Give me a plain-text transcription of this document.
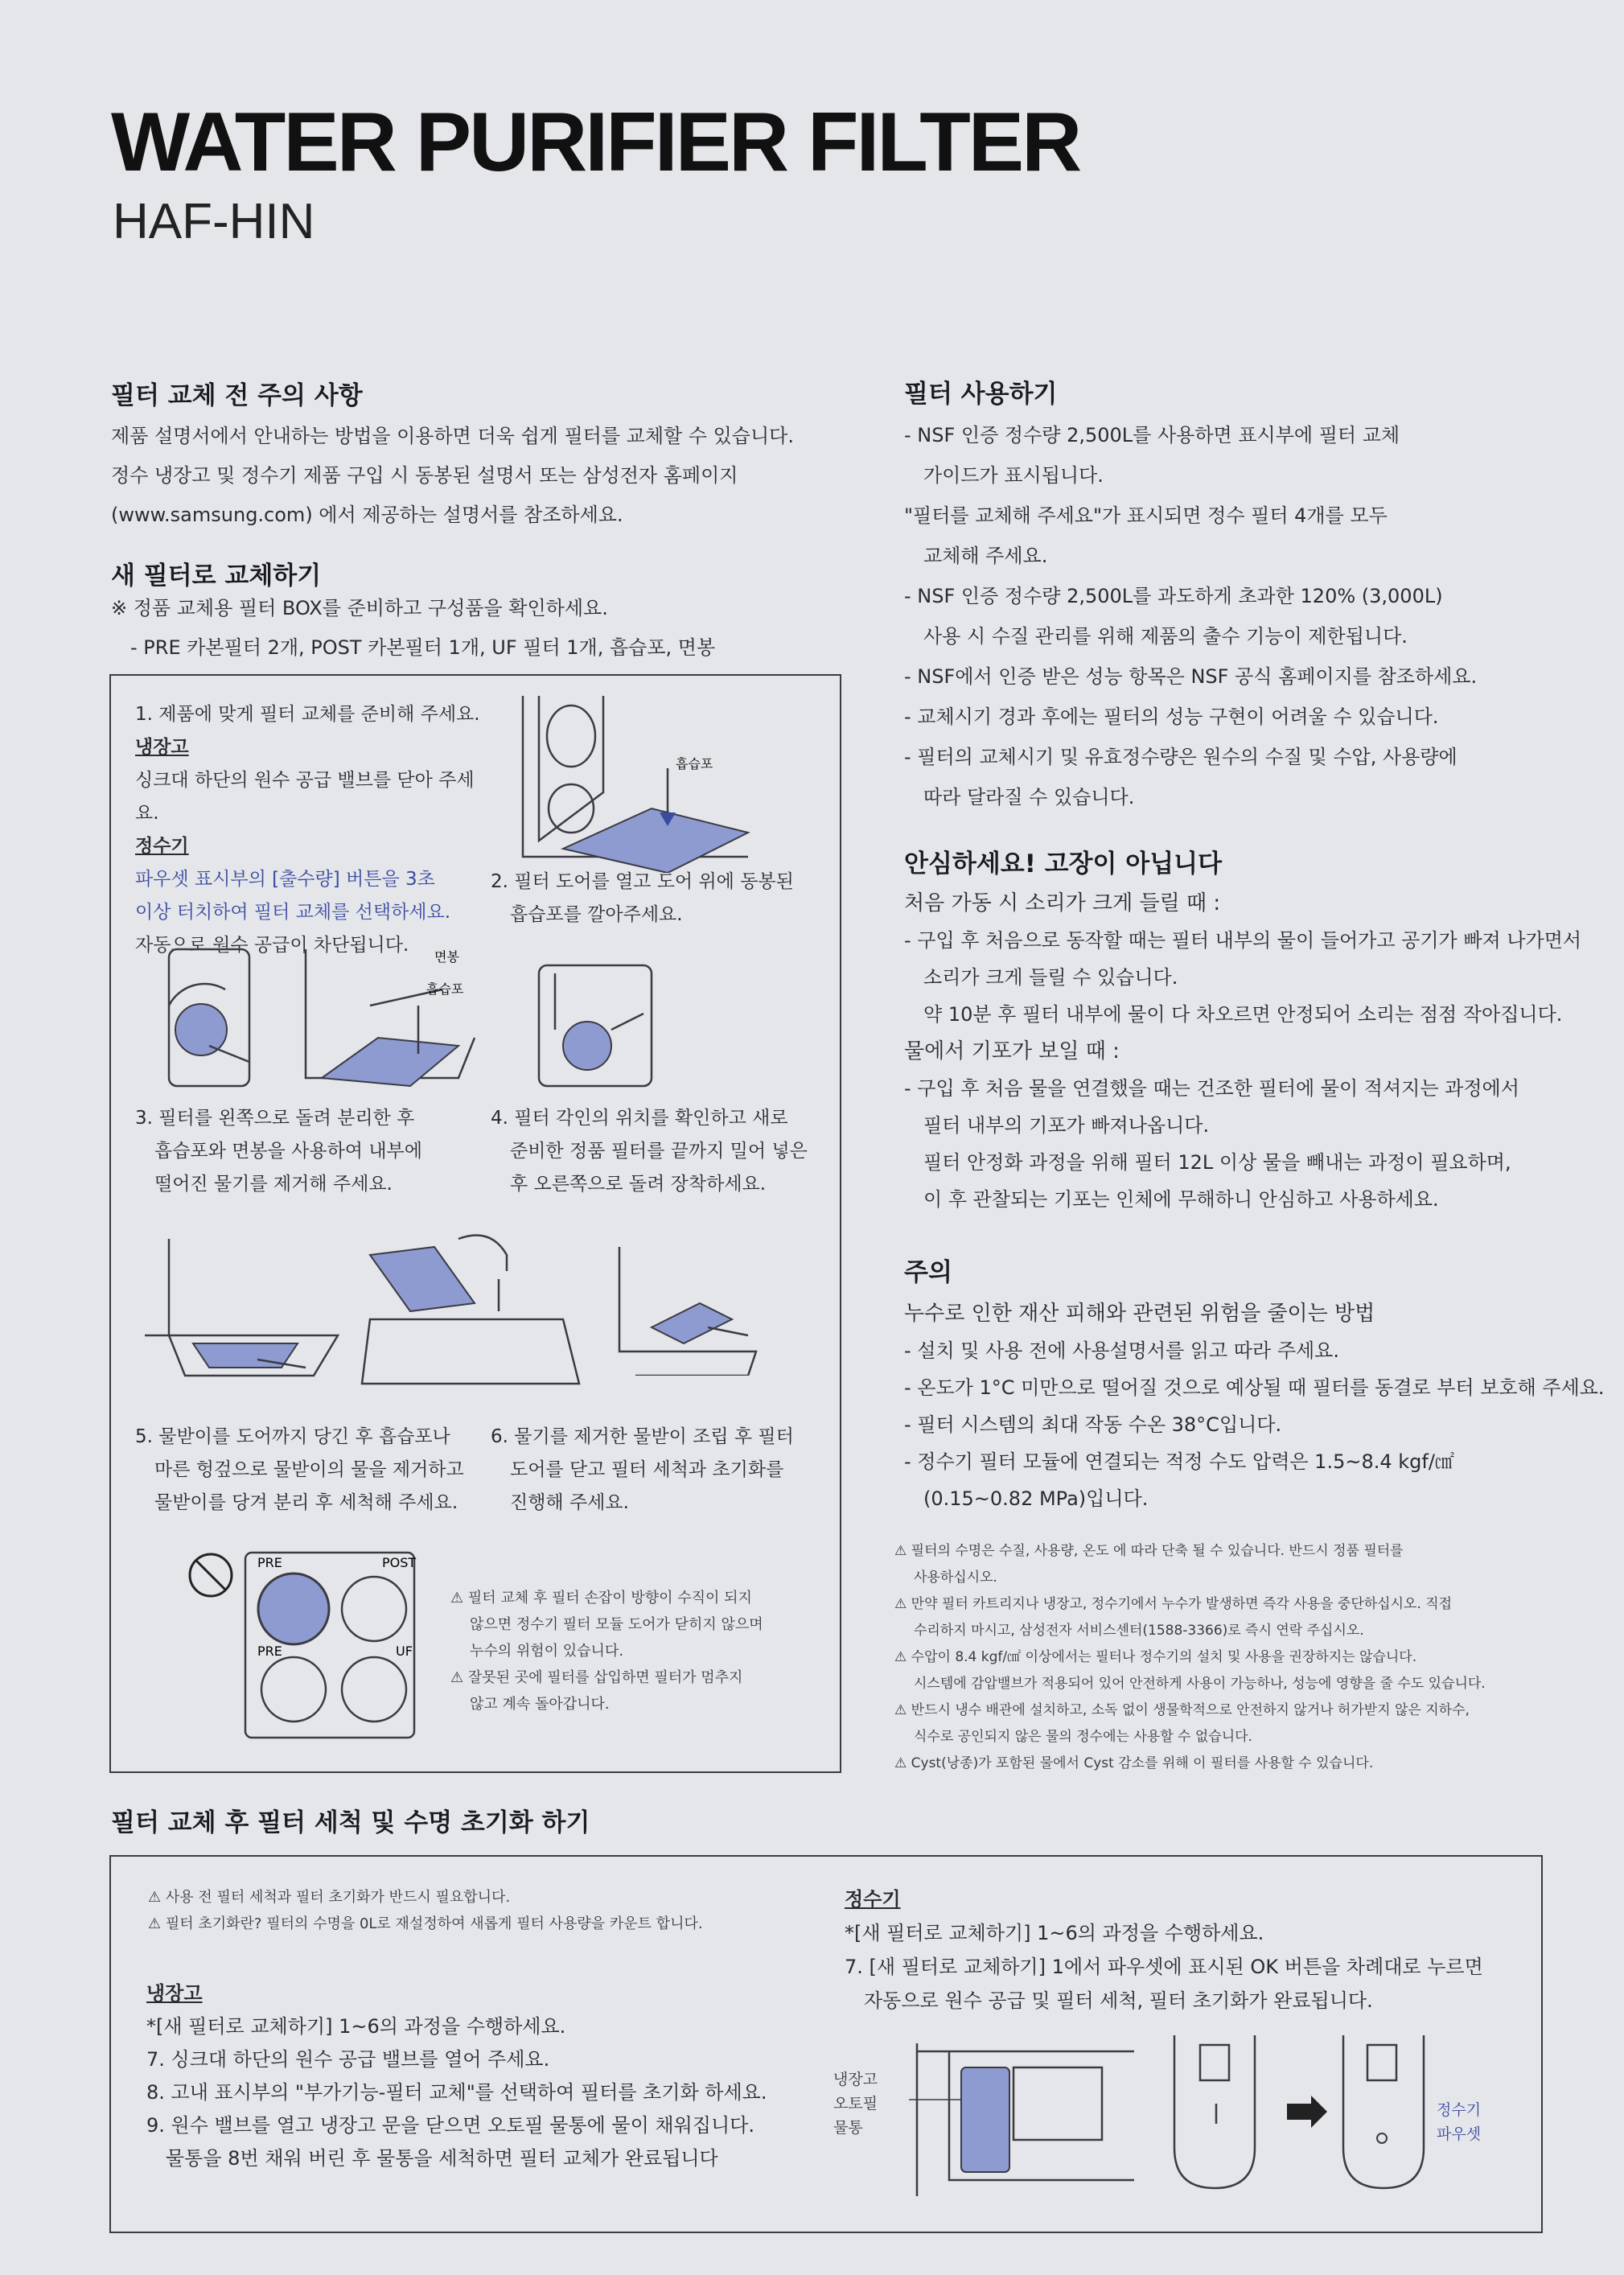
WATER PURIFIER FILTER
HAF-HIN
필터 교체 전 주의 사항

제품 설명서에서 안내하는 방법을 이용하면 더욱 쉽게 필터를 교체할 수 있습니다.

정수 냉장고 및 정수기 제품 구입 시 동봉된 설명서 또는 삼성전자 홈페이지

(www.samsung.com) 에서 제공하는 설명서를 참조하세요.

새 필터로 교체하기

※ 정품 교체용 필터 BOX를 준비하고 구성품을 확인하세요.

- PRE 카본필터 2개, POST 카본필터 1개, UF 필터 1개, 흡습포, 면봉

1. 제품에 맞게 필터 교체를 준비해 주세요.

냉장고

싱크대 하단의 원수 공급 밸브를 닫아 주세요.

정수기

파우셋 표시부의 [출수량] 버튼을 3초

이상 터치하여 필터 교체를 선택하세요.

자동으로 원수 공급이 차단됩니다.

흡습포

2. 필터 도어를 열고 도어 위에 동봉된

흡습포를 깔아주세요.

면봉
흡습포

3. 필터를 왼쪽으로 돌려 분리한 후

흡습포와 면봉을 사용하여 내부에

떨어진 물기를 제거해 주세요.

4. 필터 각인의 위치를 확인하고 새로

준비한 정품 필터를 끝까지 밀어 넣은

후 오른쪽으로 돌려 장착하세요.

5. 물받이를 도어까지 당긴 후 흡습포나

마른 헝겊으로 물받이의 물을 제거하고

물받이를 당겨 분리 후 세척해 주세요.

6. 물기를 제거한 물받이 조립 후 필터

도어를 닫고 필터 세척과 초기화를

진행해 주세요.

PRE	POST
PRE	UF

⚠ 필터 교체 후 필터 손잡이 방향이 수직이 되지

않으면 정수기 필터 모듈 도어가 닫히지 않으며

누수의 위험이 있습니다.

⚠ 잘못된 곳에 필터를 삽입하면 필터가 멈추지

않고 계속 돌아갑니다.

필터 사용하기

- NSF 인증 정수량 2,500L를 사용하면 표시부에 필터 교체

가이드가 표시됩니다.

"필터를 교체해 주세요"가 표시되면 정수 필터 4개를 모두

교체해 주세요.

- NSF 인증 정수량 2,500L를 과도하게 초과한 120% (3,000L)

사용 시 수질 관리를 위해 제품의 출수 기능이 제한됩니다.

- NSF에서 인증 받은 성능 항목은 NSF 공식 홈페이지를 참조하세요.

- 교체시기 경과 후에는 필터의 성능 구현이 어려울 수 있습니다.

- 필터의 교체시기 및 유효정수량은 원수의 수질 및 수압, 사용량에

따라 달라질 수 있습니다.

안심하세요! 고장이 아닙니다

처음 가동 시 소리가 크게 들릴 때 :

- 구입 후 처음으로 동작할 때는 필터 내부의 물이 들어가고 공기가 빠져 나가면서

소리가 크게 들릴 수 있습니다.

약 10분 후 필터 내부에 물이 다 차오르면 안정되어 소리는 점점 작아집니다.

물에서 기포가 보일 때 :

- 구입 후 처음 물을 연결했을 때는 건조한 필터에 물이 적셔지는 과정에서

필터 내부의 기포가 빠져나옵니다.

필터 안정화 과정을 위해 필터 12L 이상 물을 빼내는 과정이 필요하며,

이 후 관찰되는 기포는 인체에 무해하니 안심하고 사용하세요.

주의

누수로 인한 재산 피해와 관련된 위험을 줄이는 방법

- 설치 및 사용 전에 사용설명서를 읽고 따라 주세요.

- 온도가 1°C 미만으로 떨어질 것으로 예상될 때 필터를 동결로 부터 보호해 주세요.

- 필터 시스템의 최대 작동 수온 38°C입니다.

- 정수기 필터 모듈에 연결되는 적정 수도 압력은 1.5~8.4 kgf/㎠

(0.15~0.82 MPa)입니다.

⚠ 필터의 수명은 수질, 사용량, 온도 에 따라 단축 될 수 있습니다. 반드시 정품 필터를

사용하십시오.

⚠ 만약 필터 카트리지나 냉장고, 정수기에서 누수가 발생하면 즉각 사용을 중단하십시오. 직접

수리하지 마시고, 삼성전자 서비스센터(1588-3366)로 즉시 연락 주십시오.

⚠ 수압이 8.4 kgf/㎠ 이상에서는 필터나 정수기의 설치 및 사용을 권장하지는 않습니다.

시스템에 감압밸브가 적용되어 있어 안전하게 사용이 가능하나, 성능에 영향을 줄 수도 있습니다.

⚠ 반드시 냉수 배관에 설치하고, 소독 없이 생물학적으로 안전하지 않거나 허가받지 않은 지하수,

식수로 공인되지 않은 물의 정수에는 사용할 수 없습니다.

⚠ Cyst(낭종)가 포함된 물에서 Cyst 감소를 위해 이 필터를 사용할 수 있습니다.

필터 교체 후 필터 세척 및 수명 초기화 하기

⚠ 사용 전 필터 세척과 필터 초기화가 반드시 필요합니다.

⚠ 필터 초기화란? 필터의 수명을 0L로 재설정하여 새롭게 필터 사용량을 카운트 합니다.

냉장고

*[새 필터로 교체하기] 1~6의 과정을 수행하세요.

7. 싱크대 하단의 원수 공급 밸브를 열어 주세요.

8. 고내 표시부의 "부가기능-필터 교체"를 선택하여 필터를 초기화 하세요.

9. 원수 밸브를 열고 냉장고 문을 닫으면 오토필 물통에 물이 채워집니다.

물통을 8번 채워 버린 후 물통을 세척하면 필터 교체가 완료됩니다

정수기

*[새 필터로 교체하기] 1~6의 과정을 수행하세요.

7. [새 필터로 교체하기] 1에서 파우셋에 표시된 OK 버튼을 차례대로 누르면

자동으로 원수 공급 및 필터 세척, 필터 초기화가 완료됩니다.

냉장고
오토필
물통
정수기
파우셋
